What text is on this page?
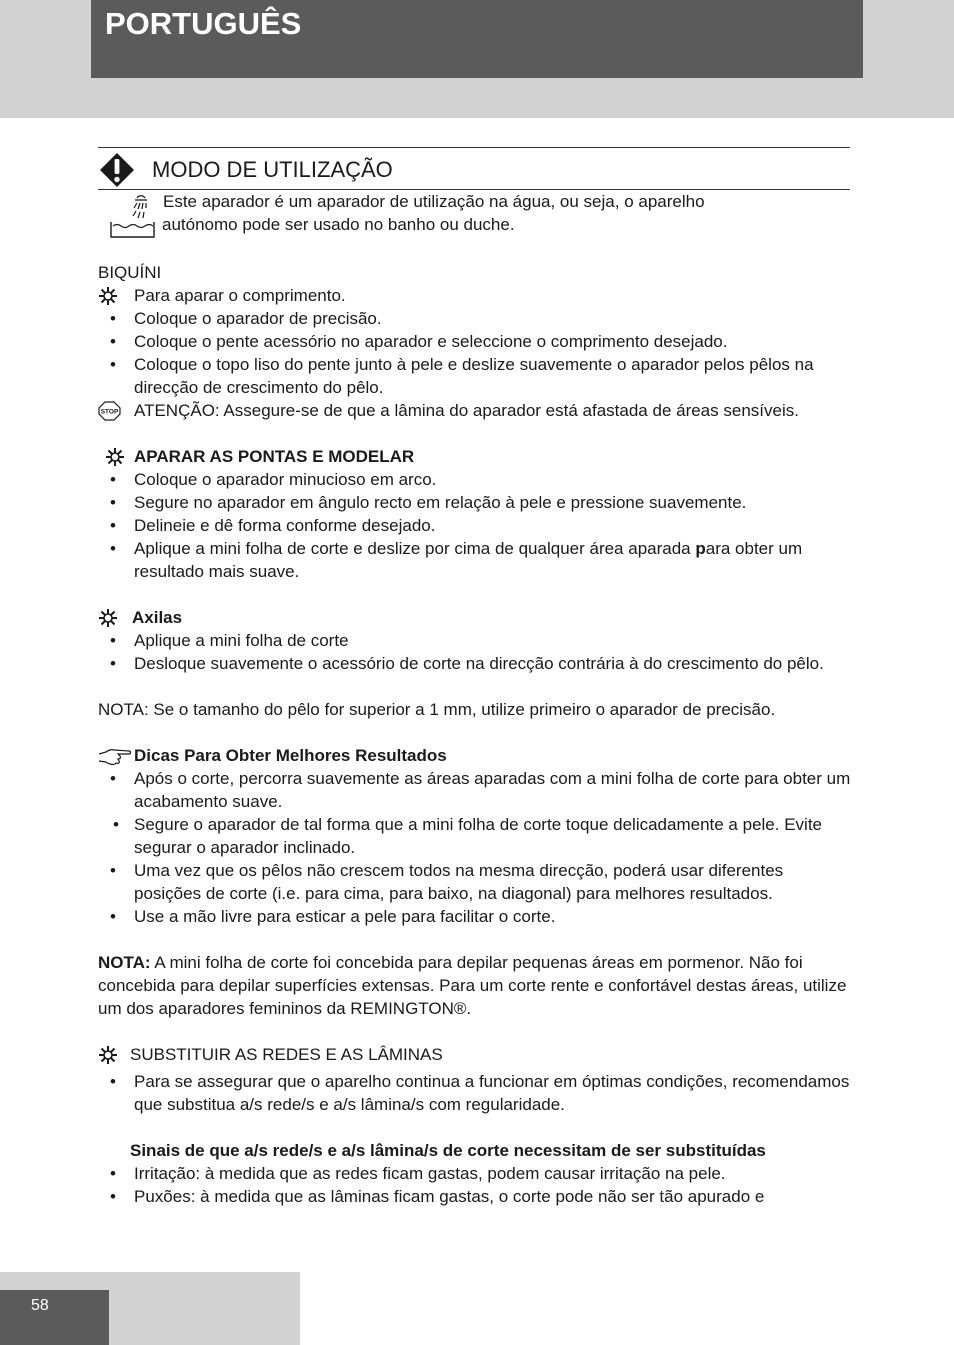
PORTUGUÊS
MODO DE UTILIZAÇÃO

Este aparador é um aparador de utilização na água, ou seja, o aparelho

autónomo pode ser usado no banho ou duche.

BIQUÍNI

Para aparar o comprimento.
•	Coloque o aparador de precisão.
•	Coloque o pente acessório no aparador e seleccione o comprimento desejado.
•	Coloque o topo liso do pente junto à pele e deslize suavemente o aparador pelos pêlos na direcção de crescimento do pêlo.
STOP ATENÇÃO: Assegure-se de que a lâmina do aparador está afastada de áreas sensíveis.
APARAR AS PONTAS E MODELAR
•	Coloque o aparador minucioso em arco.
•	Segure no aparador em ângulo recto em relação à pele e pressione suavemente.
•	Delineie e dê forma conforme desejado.
•	Aplique a mini folha de corte e deslize por cima de qualquer área aparada para obter um resultado mais suave.
Axilas
•	Aplique a mini folha de corte
•	Desloque suavemente o acessório de corte na direcção contrária à do crescimento do pêlo.

NOTA: Se o tamanho do pêlo for superior a 1 mm, utilize primeiro o aparador de precisão.

Dicas Para Obter Melhores Resultados
•	Após o corte, percorra suavemente as áreas aparadas com a mini folha de corte para obter um acabamento suave.
• Segure o aparador de tal forma que a mini folha de corte toque delicadamente a pele. Evite segurar o aparador inclinado.
•	Uma vez que os pêlos não crescem todos na mesma direcção, poderá usar diferentes posições de corte (i.e. para cima, para baixo, na diagonal) para melhores resultados.
•	Use a mão livre para esticar a pele para facilitar o corte.

NOTA: A mini folha de corte foi concebida para depilar pequenas áreas em pormenor. Não foi concebida para depilar superfícies extensas. Para um corte rente e confortável destas áreas, utilize um dos aparadores femininos da REMINGTON®.

SUBSTITUIR AS REDES E AS LÂMINAS
•	Para se assegurar que o aparelho continua a funcionar em óptimas condições, recomendamos que substitua a/s rede/s e a/s lâmina/s com regularidade.

Sinais de que a/s rede/s e a/s lâmina/s de corte necessitam de ser substituídas

•	Irritação: à medida que as redes ficam gastas, podem causar irritação na pele.
•	Puxões: à medida que as lâminas ficam gastas, o corte pode não ser tão apurado e
58
